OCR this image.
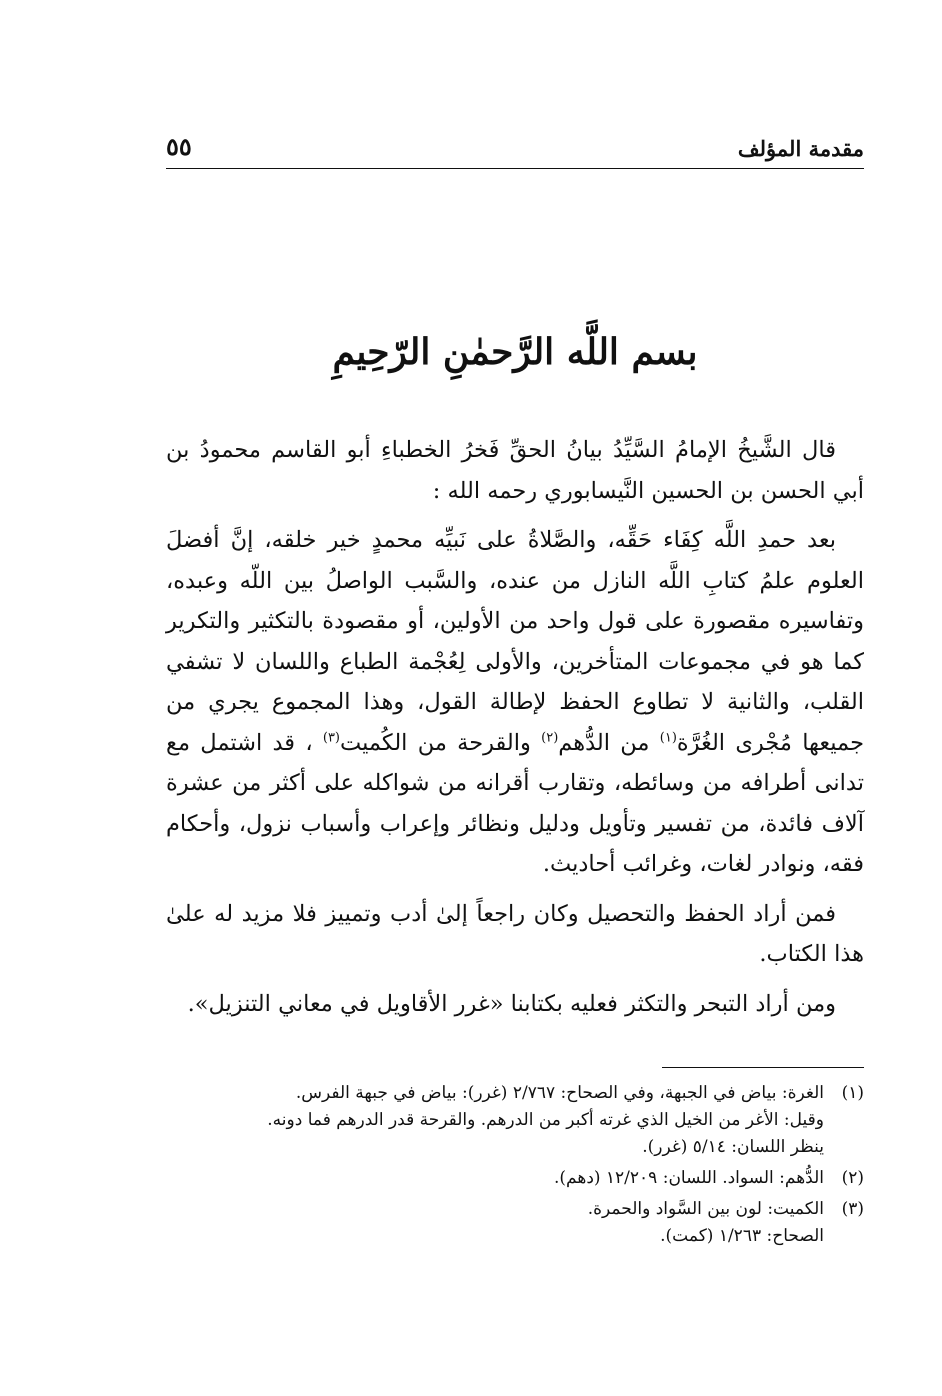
مقدمة المؤلف
٥٥
بسم اللَّه الرَّحمٰنِ الرّحِيمِ

قال الشَّيخُ الإمامُ السَّيِّدُ بيانُ الحقِّ فَخرُ الخطباءِ أبو القاسم محمودُ بن أبي الحسن بن الحسين النَّيسابوري رحمه الله :

بعد حمدِ اللَّه كِفَاء حَقِّه، والصَّلاةُ على نَبيِّه محمدٍ خير خلقه، إنَّ أفضلَ العلوم علمُ كتابِ اللَّه النازل من عنده، والسَّبب الواصلُ بين اللّه وعبده، وتفاسيره مقصورة على قول واحد من الأولين، أو مقصودة بالتكثير والتكرير كما هو في مجموعات المتأخرين، والأولى لِعُجْمة الطباع واللسان لا تشفي القلب، والثانية لا تطاوع الحفظ لإطالة القول، وهذا المجموع يجري من جميعها مُجْرى الغُرَّة$^{(١)}$ من الدُّهم$^{(٢)}$ والقرحة من الكُميت$^{(٣)}$ ، قد اشتمل مع تدانى أطرافه من وسائطه، وتقارب أقرانه من شواكله على أكثر من عشرة آلاف فائدة، من تفسير وتأويل ودليل ونظائر وإعراب وأسباب نزول، وأحكام فقه، ونوادر لغات، وغرائب أحاديث.

فمن أراد الحفظ والتحصيل وكان راجعاً إلىٰ أدب وتمييز فلا مزيد له علىٰ هذا الكتاب.

ومن أراد التبحر والتكثر فعليه بكتابنا «غرر الأقاويل في معاني التنزيل».

(١)
الغرة: بياض في الجبهة، وفي الصحاح: ٢/٧٦٧ (غرر): بياض في جبهة الفرس.
وقيل: الأغر من الخيل الذي غرته أكبر من الدرهم. والقرحة قدر الدرهم فما دونه.
ينظر اللسان: ٥/١٤ (غرر).
(٢)
الدُّهم: السواد. اللسان: ١٢/٢٠٩ (دهم).
(٣)
الكميت: لون بين السَّواد والحمرة.
الصحاح: ١/٢٦٣ (كمت).
